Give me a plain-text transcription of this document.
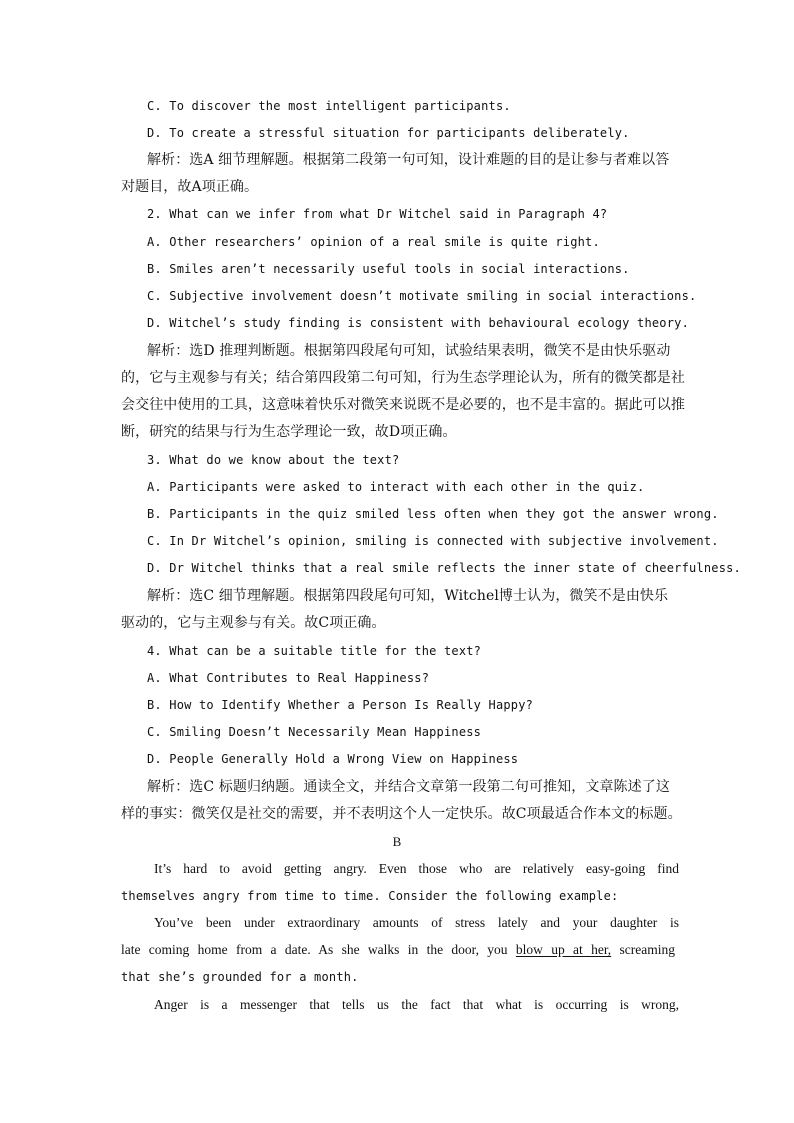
C. To discover the most intelligent participants.
D. To create a stressful situation for participants deliberately.
解析：选A 细节理解题。根据第二段第一句可知，设计难题的目的是让参与者难以答
对题目，故A项正确。
2. What can we infer from what Dr Witchel said in Paragraph 4?
A. Other researchers’ opinion of a real smile is quite right.
B. Smiles aren’t necessarily useful tools in social interactions.
C. Subjective involvement doesn’t motivate smiling in social interactions.
D. Witchel’s study finding is consistent with behavioural ecology theory.
解析：选D 推理判断题。根据第四段尾句可知，试验结果表明，微笑不是由快乐驱动
的，它与主观参与有关；结合第四段第二句可知，行为生态学理论认为，所有的微笑都是社
会交往中使用的工具，这意味着快乐对微笑来说既不是必要的，也不是丰富的。据此可以推
断，研究的结果与行为生态学理论一致，故D项正确。
3. What do we know about the text?
A. Participants were asked to interact with each other in the quiz.
B. Participants in the quiz smiled less often when they got the answer wrong.
C. In Dr Witchel’s opinion, smiling is connected with subjective involvement.
D. Dr Witchel thinks that a real smile reflects the inner state of cheerfulness.
解析：选C 细节理解题。根据第四段尾句可知，Witchel博士认为，微笑不是由快乐
驱动的，它与主观参与有关。故C项正确。
4. What can be a suitable title for the text?
A. What Contributes to Real Happiness?
B. How to Identify Whether a Person Is Really Happy?
C. Smiling Doesn’t Necessarily Mean Happiness
D. People Generally Hold a Wrong View on Happiness
解析：选C 标题归纳题。通读全文，并结合文章第一段第二句可推知，文章陈述了这
样的事实：微笑仅是社交的需要，并不表明这个人一定快乐。故C项最适合作本文的标题。
B
It’s hard to avoid getting angry. Even those who are relatively easy-going find
themselves angry from time to time. Consider the following example:
You’ve been under extraordinary amounts of stress lately and your daughter is
late coming home from a date. As she walks in the door, you blow up at her, screaming
that she’s grounded for a month.
Anger is a messenger that tells us the fact that what is occurring is wrong,
